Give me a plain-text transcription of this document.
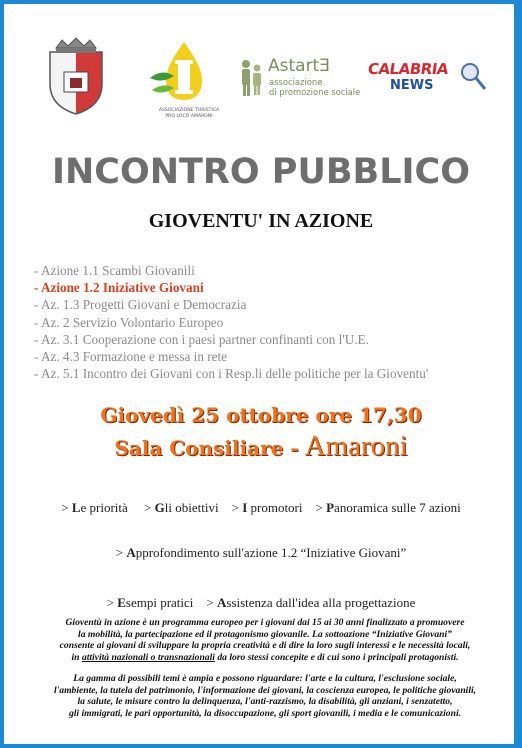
ASSOCIAZIONE TURISTICA
PRO LOCO AMARONI
AstartƎ
associazione
di promozione sociale
CALABRIA
NEWS
INCONTRO PUBBLICO
GIOVENTU' IN AZIONE
- Azione 1.1 Scambi Giovanili
- Azione 1.2 Iniziative Giovani
- Az. 1.3 Progetti Giovani e Democrazia
- Az. 2 Servizio Volontario Europeo
- Az. 3.1 Cooperazione con i paesi partner confinanti con l'U.E.
- Az. 4.3 Formazione e messa in rete
- Az. 5.1 Incontro dei Giovani con i Resp.li delle politiche per la Gioventu'
Giovedì 25 ottobre ore 17,30
Sala Consiliare - Amaroni
> Le priorità > Gli obiettivi > I promotori > Panoramica sulle 7 azioni
> Approfondimento sull'azione 1.2 “Iniziative Giovani”
> Esempi pratici > Assistenza dall'idea alla progettazione
Gioventù in azione è un programma europeo per i giovani dai 15 ai 30 anni finalizzato a promuovere
la mobilità, la partecipazione ed il protagonismo giovanile. La sottoazione “Iniziative Giovani”
consente ai giovani di sviluppare la propria creatività e di dire la loro sugli interessi e le necessità locali,
in attività nazionali o transnazionali da loro stessi concepite e di cui sono i principali protagonisti.
La gamma di possibili temi è ampia e possono riguardare: l'arte e la cultura, l'esclusione sociale,
l'ambiente, la tutela del patrimonio, l'informazione dei giovani, la coscienza europea, le politiche giovanili,
la salute, le misure contro la delinquenza, l'anti-razzismo, la disabilità, gli anziani, i senzatetto,
gli immigrati, le pari opportunità, la disoccupazione, gli sport giovanili, i media e le comunicazioni.
